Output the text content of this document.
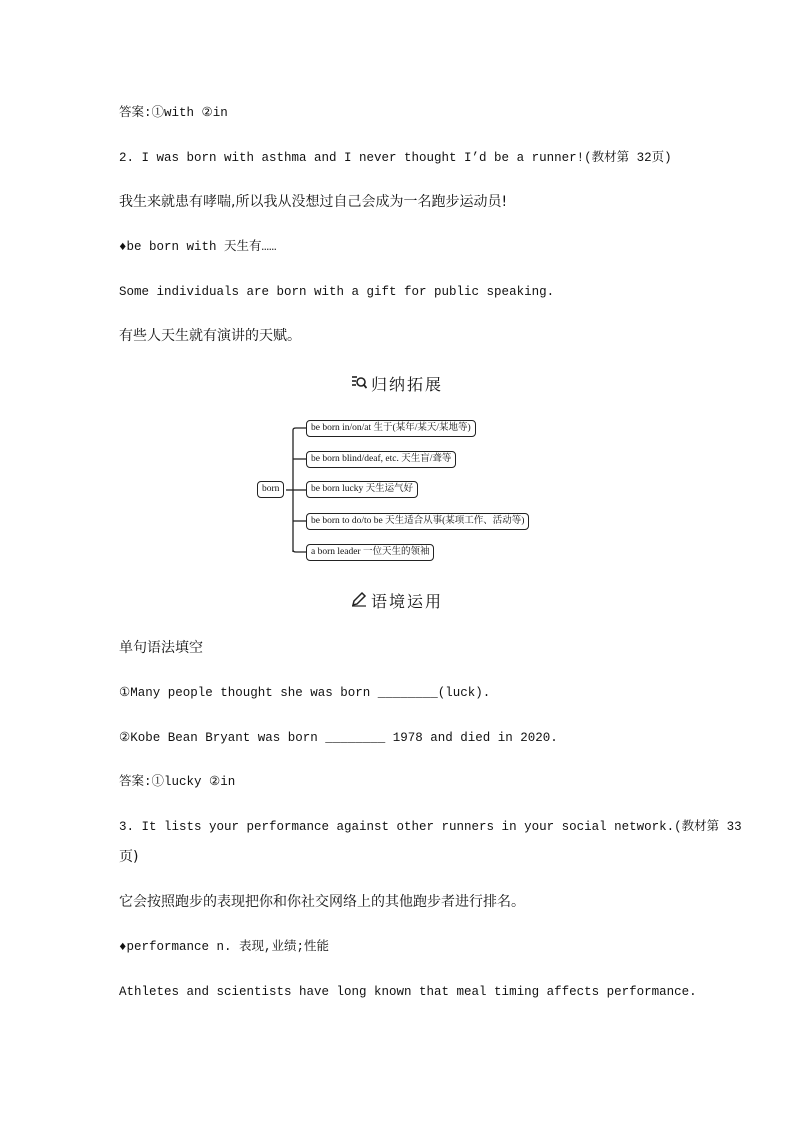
答案:①with ②in
2. I was born with asthma and I never thought I’d be a runner!(教材第 32页)
我生来就患有哮喘,所以我从没想过自己会成为一名跑步运动员!
♦be born with 天生有……
Some individuals are born with a gift for public speaking.
有些人天生就有演讲的天赋。
归纳拓展
born
be born in/on/at 生于(某年/某天/某地等)
be born blind/deaf, etc. 天生盲/聋等
be born lucky 天生运气好
be born to do/to be 天生适合从事(某项工作、活动等)
a born leader 一位天生的领袖
语境运用
单句语法填空
①Many people thought she was born ________(luck).
②Kobe Bean Bryant was born ________ 1978 and died in 2020.
答案:①lucky ②in
3. It lists your performance against other runners in your social network.(教材第 33
页)
它会按照跑步的表现把你和你社交网络上的其他跑步者进行排名。
♦performance n. 表现,业绩;性能
Athletes and scientists have long known that meal timing affects performance.
